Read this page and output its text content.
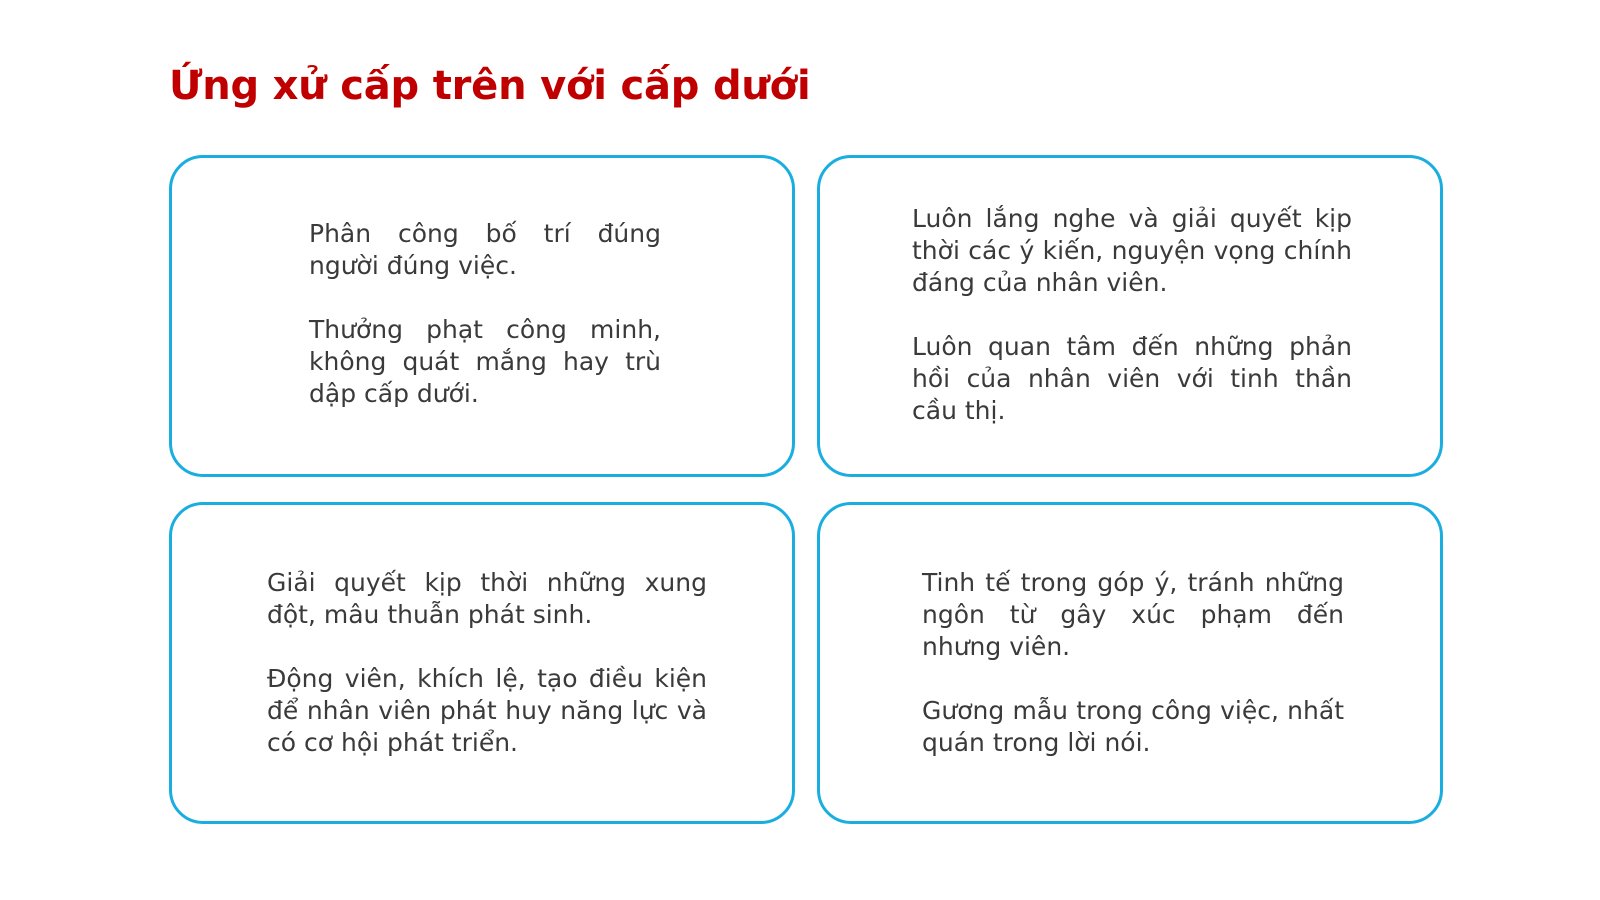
Ứng xử cấp trên với cấp dưới

Phân công bố trí đúng người đúng việc.

Thưởng phạt công minh, không quát mắng hay trù dập cấp dưới.

Luôn lắng nghe và giải quyết kịp thời các ý kiến, nguyện vọng chính đáng của nhân viên.

Luôn quan tâm đến những phản hồi của nhân viên với tinh thần cầu thị.

Giải quyết kịp thời những xung đột, mâu thuẫn phát sinh.

Động viên, khích lệ, tạo điều kiện để nhân viên phát huy năng lực và có cơ hội phát triển.

Tinh tế trong góp ý, tránh những ngôn từ gây xúc phạm đến nhưng viên.

Gương mẫu trong công việc, nhất quán trong lời nói.
